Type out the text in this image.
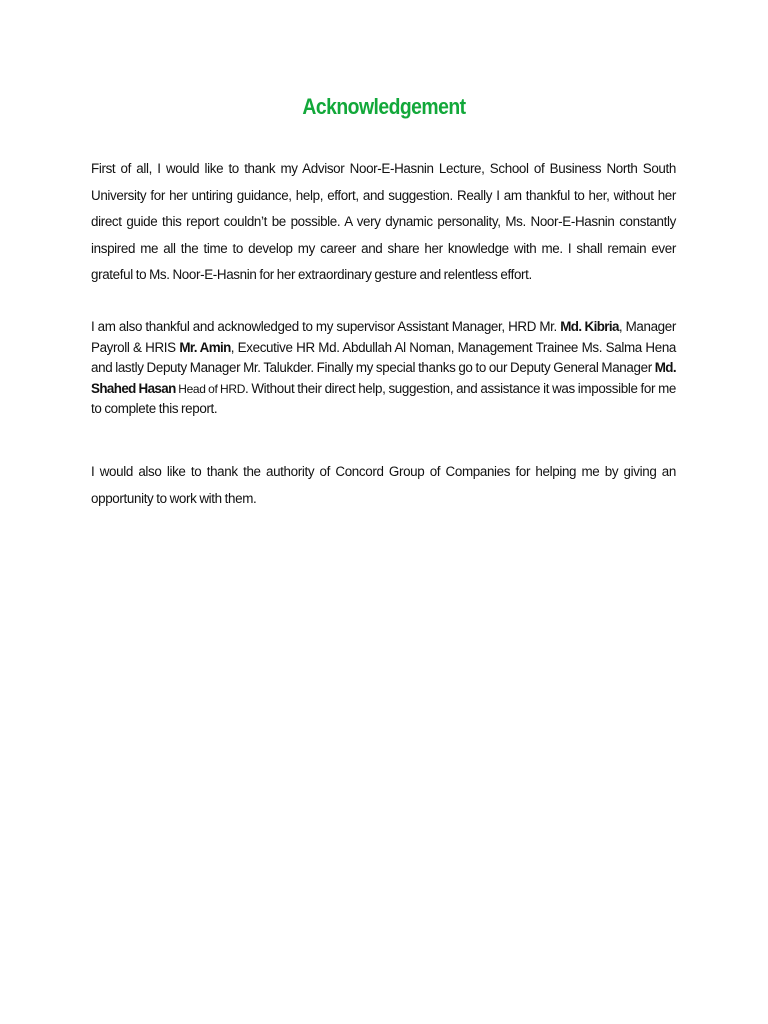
Acknowledgement

First of all, I would like to thank my Advisor Noor-E-Hasnin Lecture, School of Business North South University for her untiring guidance, help, effort, and suggestion. Really I am thankful to her, without her direct guide this report couldn’t be possible. A very dynamic personality, Ms. Noor-E-Hasnin constantly inspired me all the time to develop my career and share her knowledge with me. I shall remain ever grateful to Ms. Noor-E-Hasnin for her extraordinary gesture and relentless effort.

I am also thankful and acknowledged to my supervisor Assistant Manager, HRD Mr. Md. Kibria, Manager Payroll & HRIS Mr. Amin, Executive HR Md. Abdullah Al Noman, Management Trainee Ms. Salma Hena and lastly Deputy Manager Mr. Talukder. Finally my special thanks go to our Deputy General Manager Md. Shahed Hasan Head of HRD. Without their direct help, suggestion, and assistance it was impossible for me to complete this report.

I would also like to thank the authority of Concord Group of Companies for helping me by giving an opportunity to work with them.
